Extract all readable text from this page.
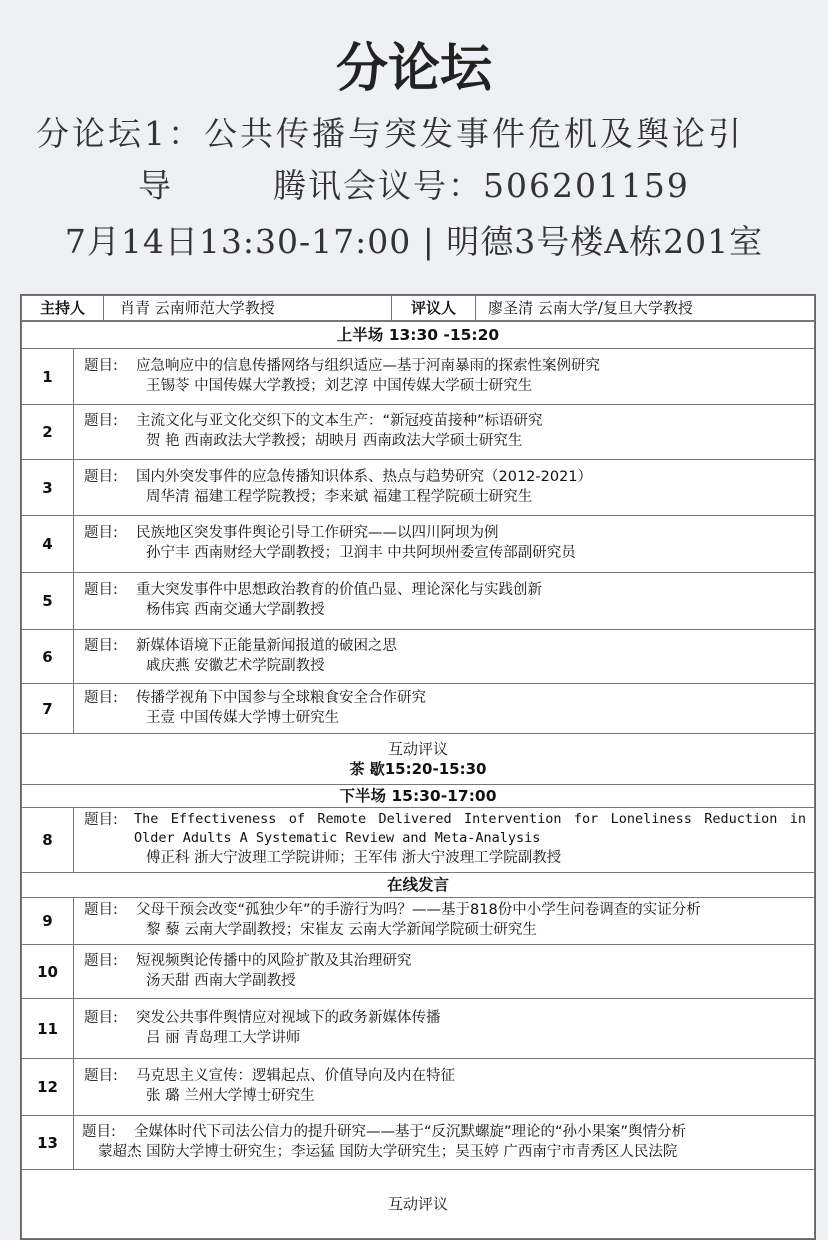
分论坛
分论坛1：公共传播与突发事件危机及舆论引
导        腾讯会议号：506201159
7月14日13:30-17:00 | 明德3号楼A栋201室
主持人	肖青 云南师范大学教授	评议人	廖圣清 云南大学/复旦大学教授
上半场 13:30 -15:20	
1	题目: 应急响应中的信息传播网络与组织适应—基于河南暴雨的探索性案例研究
王锡苓 中国传媒大学教授；刘艺淳 中国传媒大学硕士研究生

2	题目: 主流文化与亚文化交织下的文本生产：“新冠疫苗接种”标语研究
贺 艳 西南政法大学教授；胡映月 西南政法大学硕士研究生

3	题目: 国内外突发事件的应急传播知识体系、热点与趋势研究（2012-2021）
周华清 福建工程学院教授；李来斌 福建工程学院硕士研究生

4	题目: 民族地区突发事件舆论引导工作研究——以四川阿坝为例
孙宁丰 西南财经大学副教授；卫润丰 中共阿坝州委宣传部副研究员

5	题目: 重大突发事件中思想政治教育的价值凸显、理论深化与实践创新
杨伟宾 西南交通大学副教授

6	题目: 新媒体语境下正能量新闻报道的破困之思
戚庆燕 安徽艺术学院副教授

7	题目: 传播学视角下中国参与全球粮食安全合作研究
王壹 中国传媒大学博士研究生

互动评议
茶 歇15:20-15:30	

下半场 15:30-17:00	
8	题目: The Effectiveness of Remote Delivered Intervention for Loneliness Reduction in Older Adults A Systematic Review and Meta-Analysis
傅正科 浙大宁波理工学院讲师；王军伟 浙大宁波理工学院副教授

在线发言	
9	题目: 父母干预会改变“孤独少年”的手游行为吗？——基于818份中小学生问卷调查的实证分析
黎 藜 云南大学副教授；宋崔友 云南大学新闻学院硕士研究生

10	题目: 短视频舆论传播中的风险扩散及其治理研究
汤天甜 西南大学副教授

11	题目: 突发公共事件舆情应对视域下的政务新媒体传播
吕 丽 青岛理工大学讲师

12	题目: 马克思主义宣传：逻辑起点、价值导向及内在特征
张 璐 兰州大学博士研究生

13	题目: 全媒体时代下司法公信力的提升研究——基于“反沉默螺旋”理论的“孙小果案”舆情分析
蒙超杰 国防大学博士研究生；李运猛 国防大学研究生；吴玉婷 广西南宁市青秀区人民法院

互动评议	
